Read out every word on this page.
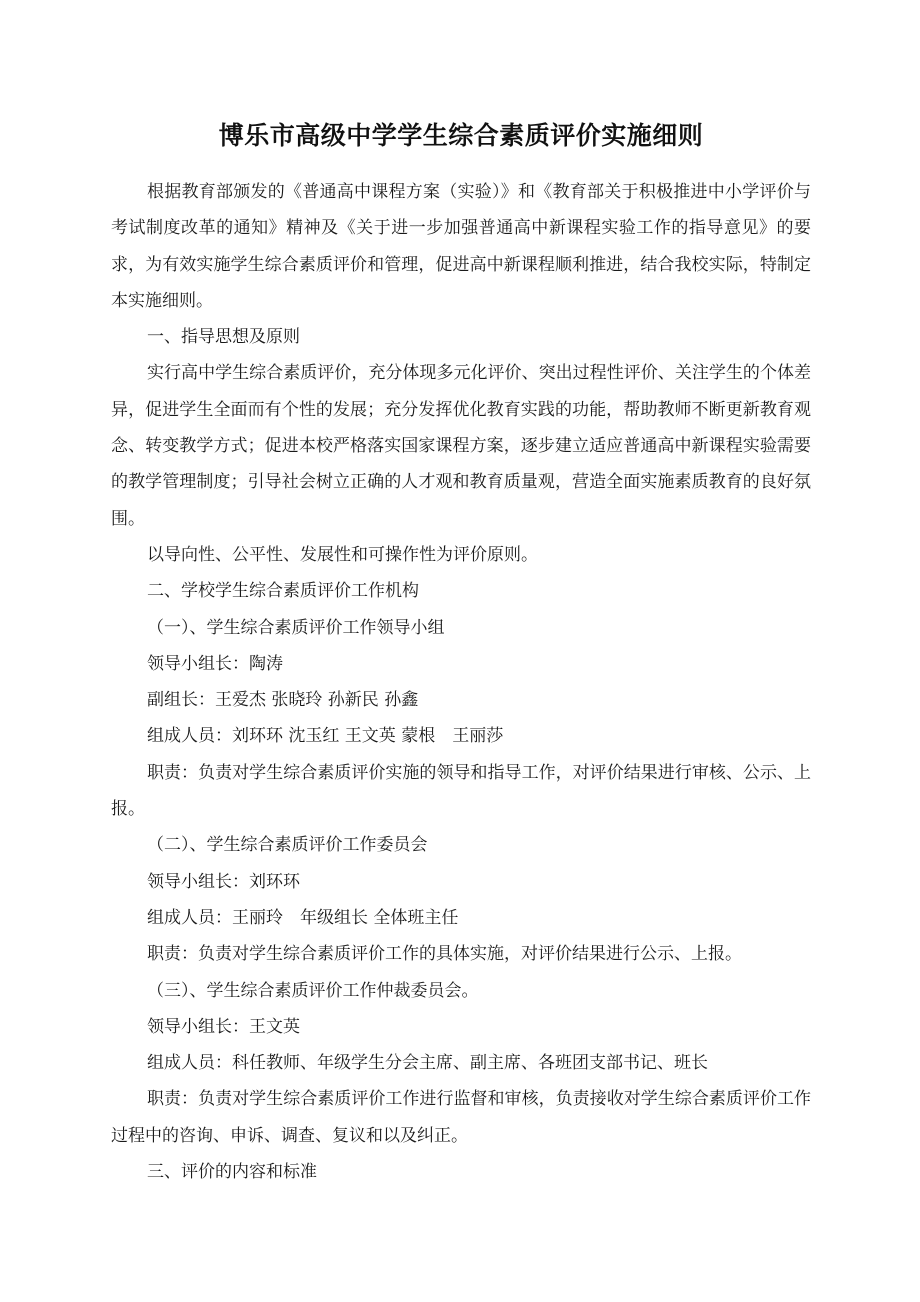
博乐市高级中学学生综合素质评价实施细则

根据教育部颁发的《普通高中课程方案（实验）》和《教育部关于积极推进中小学评价与考试制度改革的通知》精神及《关于进一步加强普通高中新课程实验工作的指导意见》的要求，为有效实施学生综合素质评价和管理，促进高中新课程顺利推进，结合我校实际，特制定本实施细则。

一、指导思想及原则

实行高中学生综合素质评价，充分体现多元化评价、突出过程性评价、关注学生的个体差异，促进学生全面而有个性的发展；充分发挥优化教育实践的功能，帮助教师不断更新教育观念、转变教学方式；促进本校严格落实国家课程方案，逐步建立适应普通高中新课程实验需要的教学管理制度；引导社会树立正确的人才观和教育质量观，营造全面实施素质教育的良好氛围。

以导向性、公平性、发展性和可操作性为评价原则。

二、学校学生综合素质评价工作机构

（一）、学生综合素质评价工作领导小组

领导小组长：陶涛

副组长：王爱杰 张晓玲 孙新民 孙鑫

组成人员：刘环环 沈玉红 王文英 蒙根　王丽莎

职责：负责对学生综合素质评价实施的领导和指导工作，对评价结果进行审核、公示、上报。

（二）、学生综合素质评价工作委员会

领导小组长：刘环环

组成人员：王丽玲　年级组长 全体班主任

职责：负责对学生综合素质评价工作的具体实施，对评价结果进行公示、上报。

（三）、学生综合素质评价工作仲裁委员会。

领导小组长：王文英

组成人员：科任教师、年级学生分会主席、副主席、各班团支部书记、班长

职责：负责对学生综合素质评价工作进行监督和审核，负责接收对学生综合素质评价工作过程中的咨询、申诉、调查、复议和以及纠正。

三、评价的内容和标准
